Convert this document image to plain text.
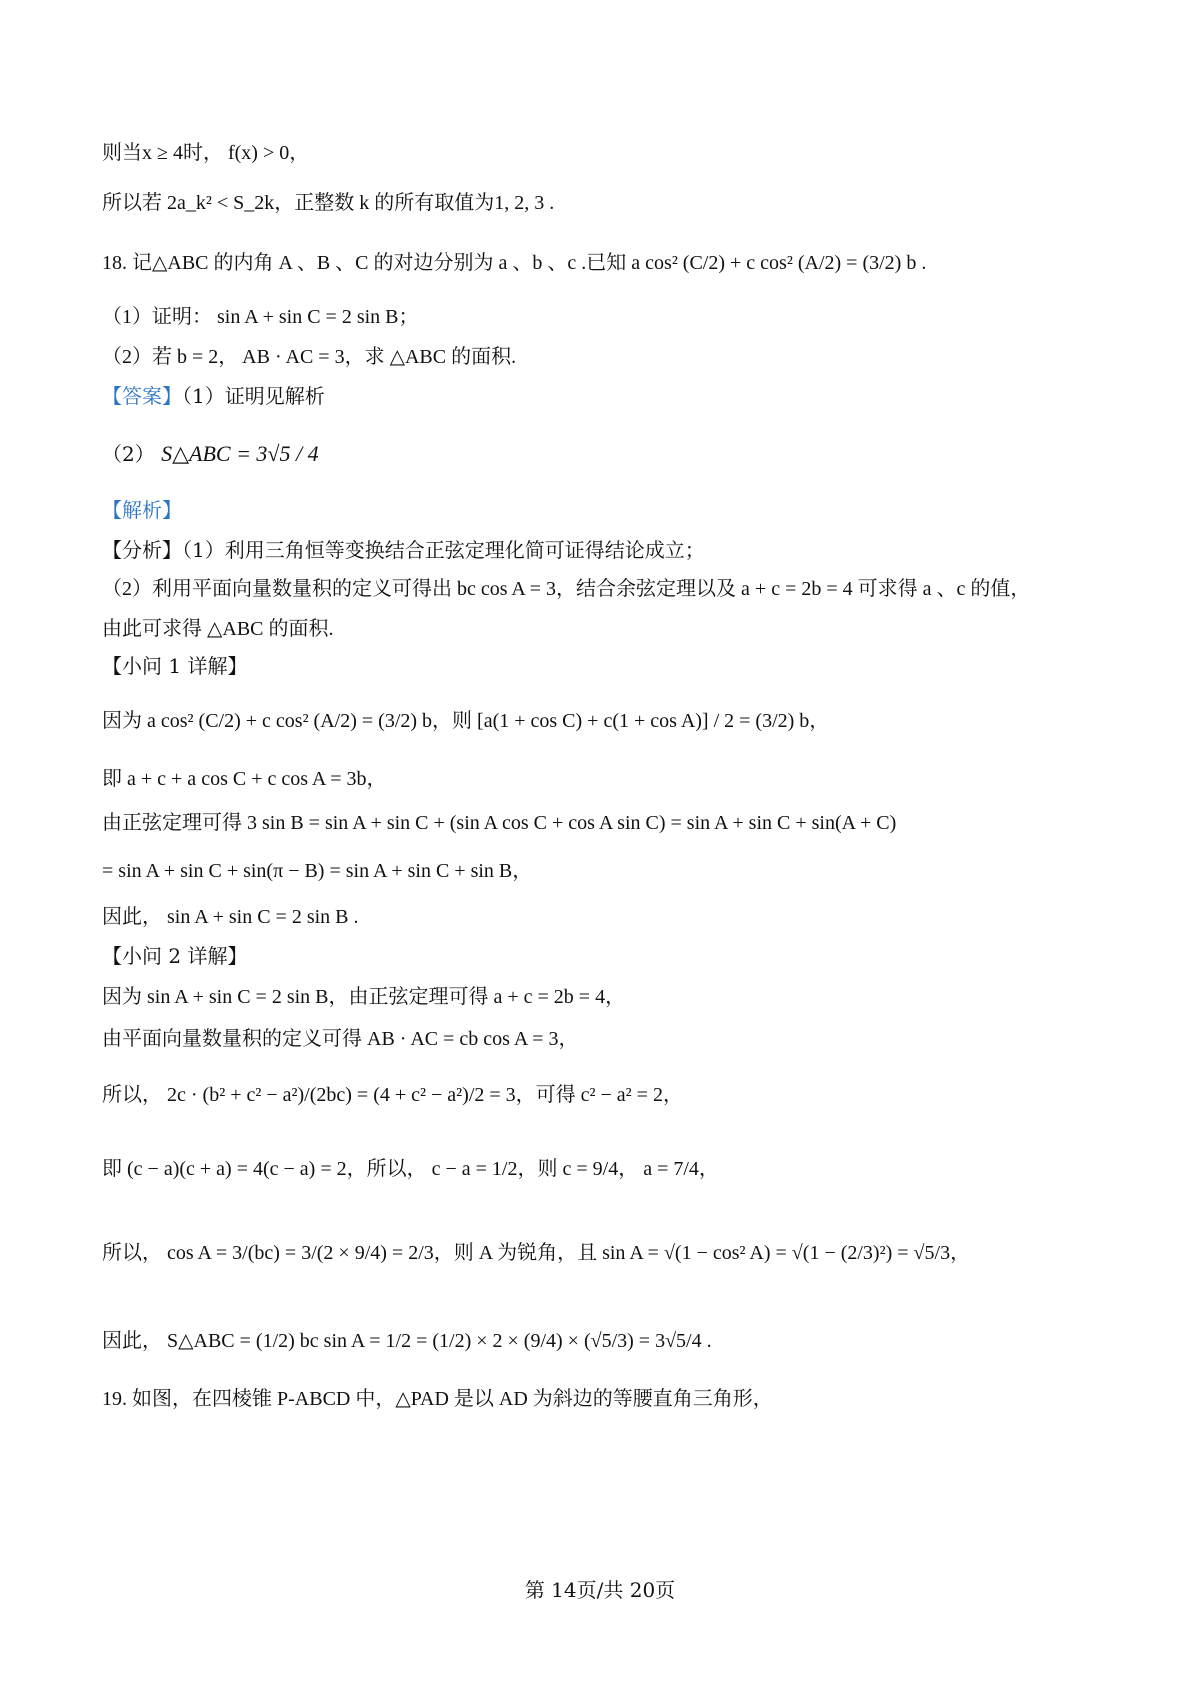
则当x ≥ 4时， f(x) > 0，
所以若 2a_k² < S_2k，正整数 k 的所有取值为1, 2, 3 .
18. 记△ABC 的内角 A 、B 、C 的对边分别为 a 、b 、c .已知 a cos² (C/2) + c cos² (A/2) = (3/2) b .
（1）证明： sin A + sin C = 2 sin B；
（2）若 b = 2， AB · AC = 3，求 △ABC 的面积.
【答案】（1）证明见解析
（2） S△ABC = 3√5 / 4
【解析】
【分析】（1）利用三角恒等变换结合正弦定理化简可证得结论成立；
（2）利用平面向量数量积的定义可得出 bc cos A = 3，结合余弦定理以及 a + c = 2b = 4 可求得 a 、c 的值，
由此可求得 △ABC 的面积.
【小问 1 详解】
因为 a cos² (C/2) + c cos² (A/2) = (3/2) b，则 [a(1 + cos C) + c(1 + cos A)] / 2 = (3/2) b，
即 a + c + a cos C + c cos A = 3b，
由正弦定理可得 3 sin B = sin A + sin C + (sin A cos C + cos A sin C) = sin A + sin C + sin(A + C)
= sin A + sin C + sin(π − B) = sin A + sin C + sin B，
因此， sin A + sin C = 2 sin B .
【小问 2 详解】
因为 sin A + sin C = 2 sin B，由正弦定理可得 a + c = 2b = 4，
由平面向量数量积的定义可得 AB · AC = cb cos A = 3，
所以， 2c · (b² + c² − a²)/(2bc) = (4 + c² − a²)/2 = 3，可得 c² − a² = 2，
即 (c − a)(c + a) = 4(c − a) = 2，所以， c − a = 1/2，则 c = 9/4， a = 7/4，
所以， cos A = 3/(bc) = 3/(2 × 9/4) = 2/3，则 A 为锐角，且 sin A = √(1 − cos² A) = √(1 − (2/3)²) = √5/3，
因此， S△ABC = (1/2) bc sin A = 1/2 = (1/2) × 2 × (9/4) × (√5/3) = 3√5/4 .
19. 如图，在四棱锥 P-ABCD 中，△PAD 是以 AD 为斜边的等腰直角三角形，
第 14页/共 20页
